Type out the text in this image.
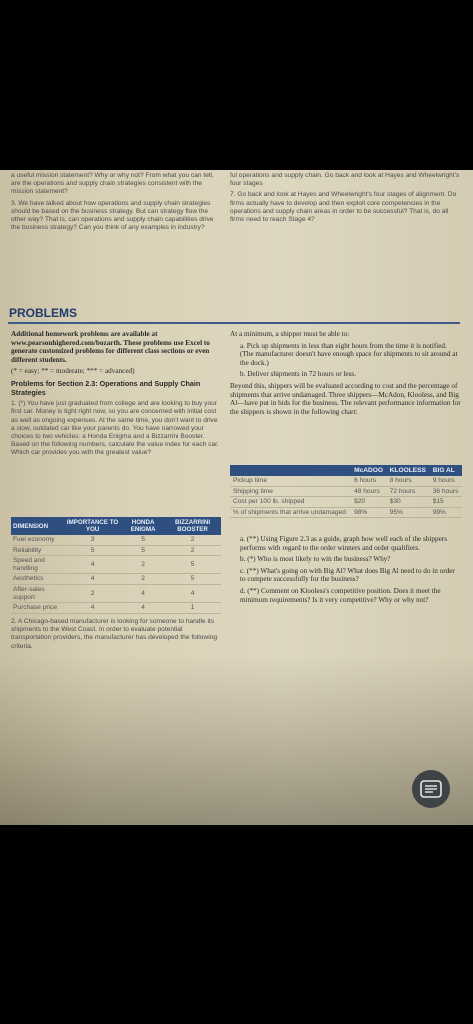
a useful mission statement? Why or why not? From what you can tell, are the operations and supply chain strategies consistent with the mission statement?

3. We have talked about how operations and supply chain strategies should be based on the business strategy. But can strategy flow the other way? That is, can operations and supply chain capabilities drive the business strategy? Can you think of any examples in industry?

ful operations and supply chain. Go back and look at Hayes and Wheelwright's four stages

7. Go back and look at Hayes and Wheelwright's four stages of alignment. Do firms actually have to develop and then exploit core competencies in the operations and supply chain areas in order to be successful? That is, do all firms need to reach Stage 4?

PROBLEMS

Additional homework problems are available at www.pearsonhighered.com/bozarth. These problems use Excel to generate customized problems for different class sections or even different students.

(* = easy; ** = moderate; *** = advanced)

Problems for Section 2.3: Operations and Supply Chain Strategies

1. (*) You have just graduated from college and are looking to buy your first car. Money is tight right now, so you are concerned with initial cost as well as ongoing expenses. At the same time, you don't want to drive a slow, outdated car like your parents do. You have narrowed your choices to two vehicles: a Honda Enigma and a Bizzarrini Booster. Based on the following numbers, calculate the value index for each car. Which car provides you with the greatest value?

DIMENSION	IMPORTANCE TO YOU	HONDA ENIGMA	BIZZARRINI BOOSTER
Fuel economy	3	5	2
Reliability	5	5	2
Speed and handling	4	2	5
Aesthetics	4	2	5
After-sales support	2	4	4
Purchase price	4	4	1

2. A Chicago-based manufacturer is looking for someone to handle its shipments to the West Coast. In order to evaluate potential transportation providers, the manufacturer has developed the following criteria.

At a minimum, a shipper must be able to:

a. Pick up shipments in less than eight hours from the time it is notified. (The manufacturer doesn't have enough space for shipments to sit around at the dock.)

b. Deliver shipments in 72 hours or less.

Beyond this, shippers will be evaluated according to cost and the percentage of shipments that arrive undamaged. Three shippers—McAdon, Klooless, and Big Al—have put in bids for the business. The relevant performance information for the shippers is shown in the following chart:

	McADOO	KLOOLESS	BIG AL
Pickup time	6 hours	8 hours	9 hours
Shipping time	48 hours	72 hours	36 hours
Cost per 100 lb. shipped	$20	$30	$15
% of shipments that arrive undamaged	98%	95%	99%

a. (**) Using Figure 2.3 as a guide, graph how well each of the shippers performs with regard to the order winners and order qualifiers.

b. (*) Who is most likely to win the business? Why?

c. (**) What's going on with Big Al? What does Big Al need to do in order to compete successfully for the business?

d. (**) Comment on Klooless's competitive position. Does it meet the minimum requirements? Is it very competitive? Why or why not?
